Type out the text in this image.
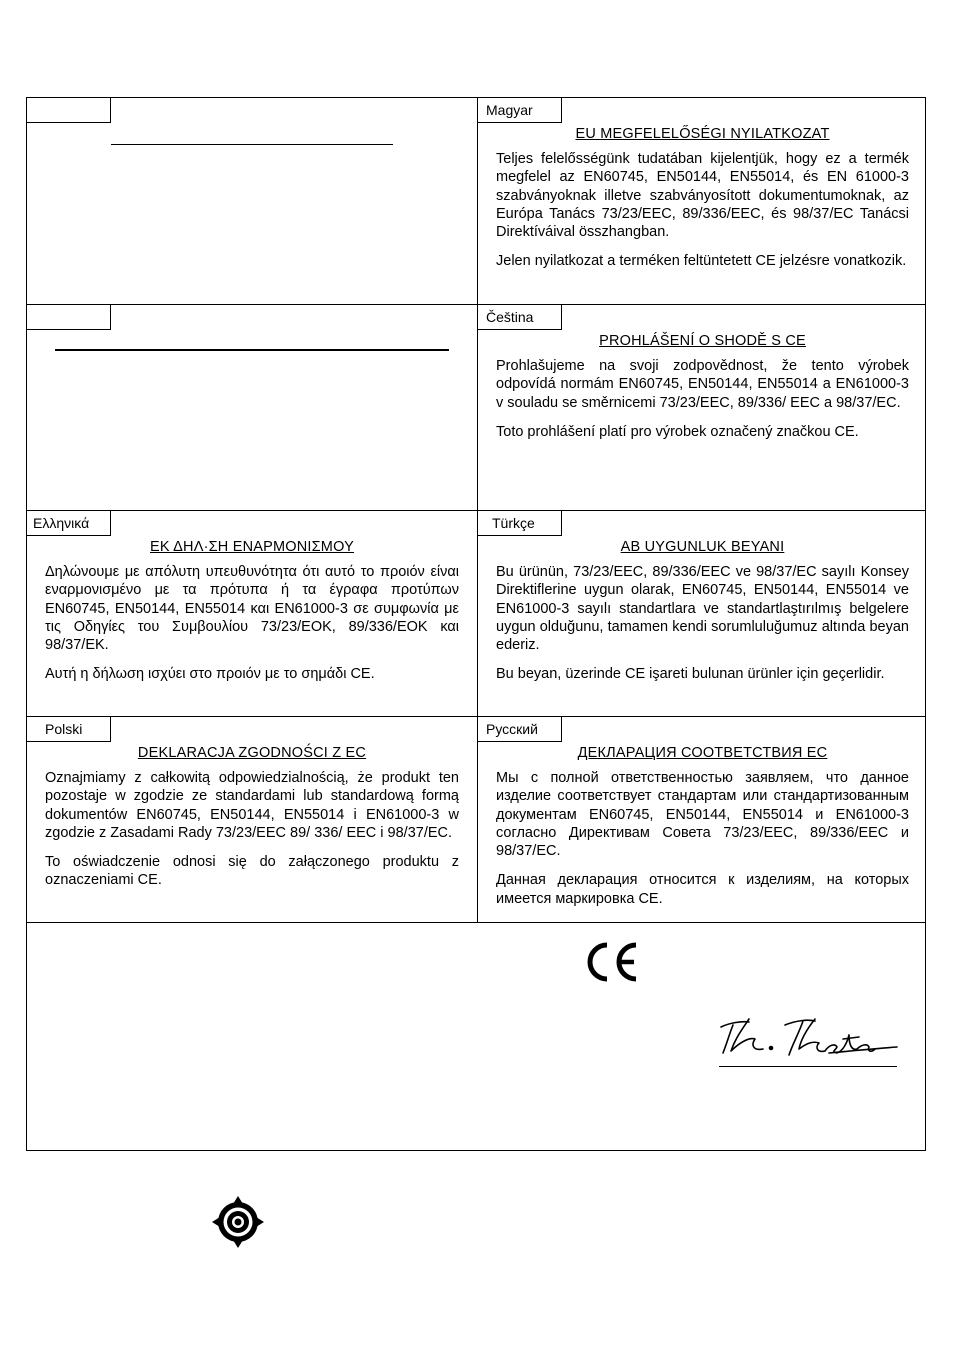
Magyar
EU MEGFELELŐSÉGI NYILATKOZAT

Teljes felelősségünk tudatában kijelentjük, hogy ez a termék megfelel az EN60745, EN50144, EN55014, és EN 61000-3 szabványoknak illetve szabványosított dokumentumoknak, az Európa Tanács 73/23/EEC, 89/336/EEC, és 98/37/EC Tanácsi Direktíváival összhangban.

Jelen nyilatkozat a terméken feltüntetett CE jelzésre vonatkozik.

Čeština
PROHLÁŠENÍ O SHODĚ S CE

Prohlašujeme na svoji zodpovědnost, že tento výrobek odpovídá normám EN60745, EN50144, EN55014 a EN61000-3 v souladu se směrnicemi 73/23/EEC, 89/336/ EEC a 98/37/EC.

Toto prohlášení platí pro výrobek označený značkou CE.

Ελληνικά
ΕΚ ΔΗΛ·ΣΗ ΕΝΑΡΜΟΝΙΣΜΟΥ

Δηλώνουμε με απόλυτη υπευθυνότητα ότι αυτό το προιόν είναι εναρμονισμένο με τα πρότυπα ή τα έγραφα προτύπων EN60745, EN50144, EN55014 και EN61000-3 σε συμφωνία με τις Οδηγίες του Συμβουλίου 73/23/EOK, 89/336/EOK και 98/37/EK.

Αυτή η δήλωση ισχύει στο προιόν με το σημάδι CE.

Türkçe
AB UYGUNLUK BEYANI

Bu ürünün, 73/23/EEC, 89/336/EEC ve 98/37/EC sayılı Konsey Direktiflerine uygun olarak, EN60745, EN50144, EN55014 ve EN61000-3 sayılı standartlara ve standartlaştırılmış belgelere uygun olduğunu, tamamen kendi sorumluluğumuz altında beyan ederiz.

Bu beyan, üzerinde CE işareti bulunan ürünler için geçerlidir.

Polski
DEKLARACJA ZGODNOŚCI Z EC

Oznajmiamy z całkowitą odpowiedzialnością, że produkt ten pozostaje w zgodzie ze standardami lub standardową formą dokumentów EN60745, EN50144, EN55014 i EN61000-3 w zgodzie z Zasadami Rady 73/23/EEC 89/ 336/ EEC i 98/37/EC.

To oświadczenie odnosi się do załączonego produktu z oznaczeniami CE.

Русский
ДЕКЛАРАЦИЯ СООТВЕТСТВИЯ ЕС

Мы с полной ответственностью заявляем, что данное изделие соответствует стандартам или стандартизованным документам EN60745, EN50144, EN55014 и EN61000-3 согласно Директивам Совета 73/23/EEC, 89/336/EEC и 98/37/EC.

Данная декларация относится к изделиям, на которых имеется маркировка CE.
